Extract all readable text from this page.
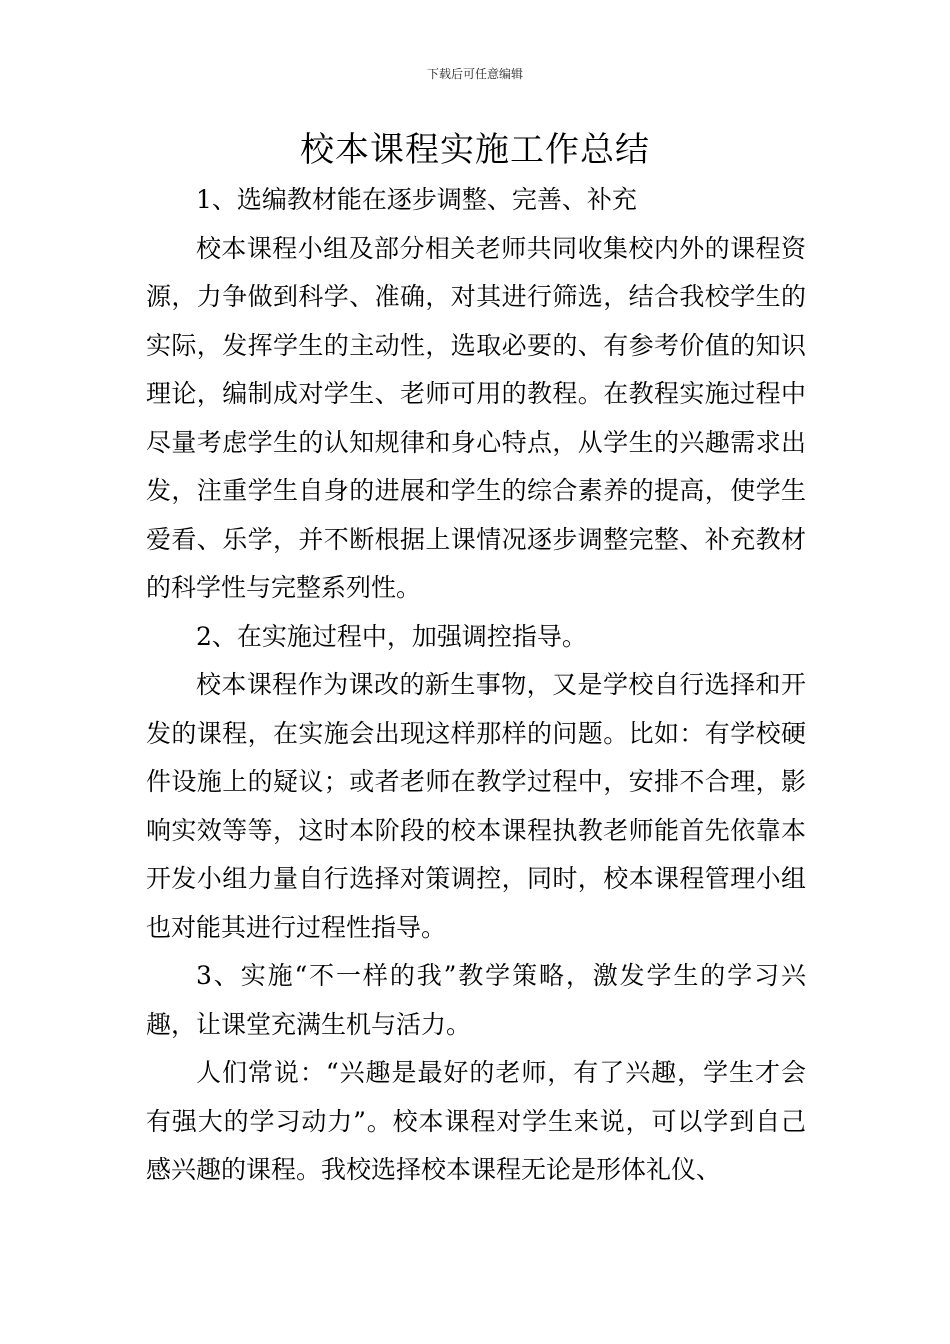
下载后可任意编辑
校本课程实施工作总结

1、选编教材能在逐步调整、完善、补充

校本课程小组及部分相关老师共同收集校内外的课程资源，力争做到科学、准确，对其进行筛选，结合我校学生的实际，发挥学生的主动性，选取必要的、有参考价值的知识理论，编制成对学生、老师可用的教程。在教程实施过程中尽量考虑学生的认知规律和身心特点，从学生的兴趣需求出发，注重学生自身的进展和学生的综合素养的提高，使学生爱看、乐学，并不断根据上课情况逐步调整完整、补充教材的科学性与完整系列性。

2、在实施过程中，加强调控指导。

校本课程作为课改的新生事物，又是学校自行选择和开发的课程，在实施会出现这样那样的问题。比如：有学校硬件设施上的疑议；或者老师在教学过程中，安排不合理，影响实效等等，这时本阶段的校本课程执教老师能首先依靠本开发小组力量自行选择对策调控，同时，校本课程管理小组也对能其进行过程性指导。

3、实施“不一样的我”教学策略，激发学生的学习兴趣，让课堂充满生机与活力。

人们常说：“兴趣是最好的老师，有了兴趣，学生才会有强大的学习动力”。校本课程对学生来说，可以学到自己感兴趣的课程。我校选择校本课程无论是形体礼仪、
